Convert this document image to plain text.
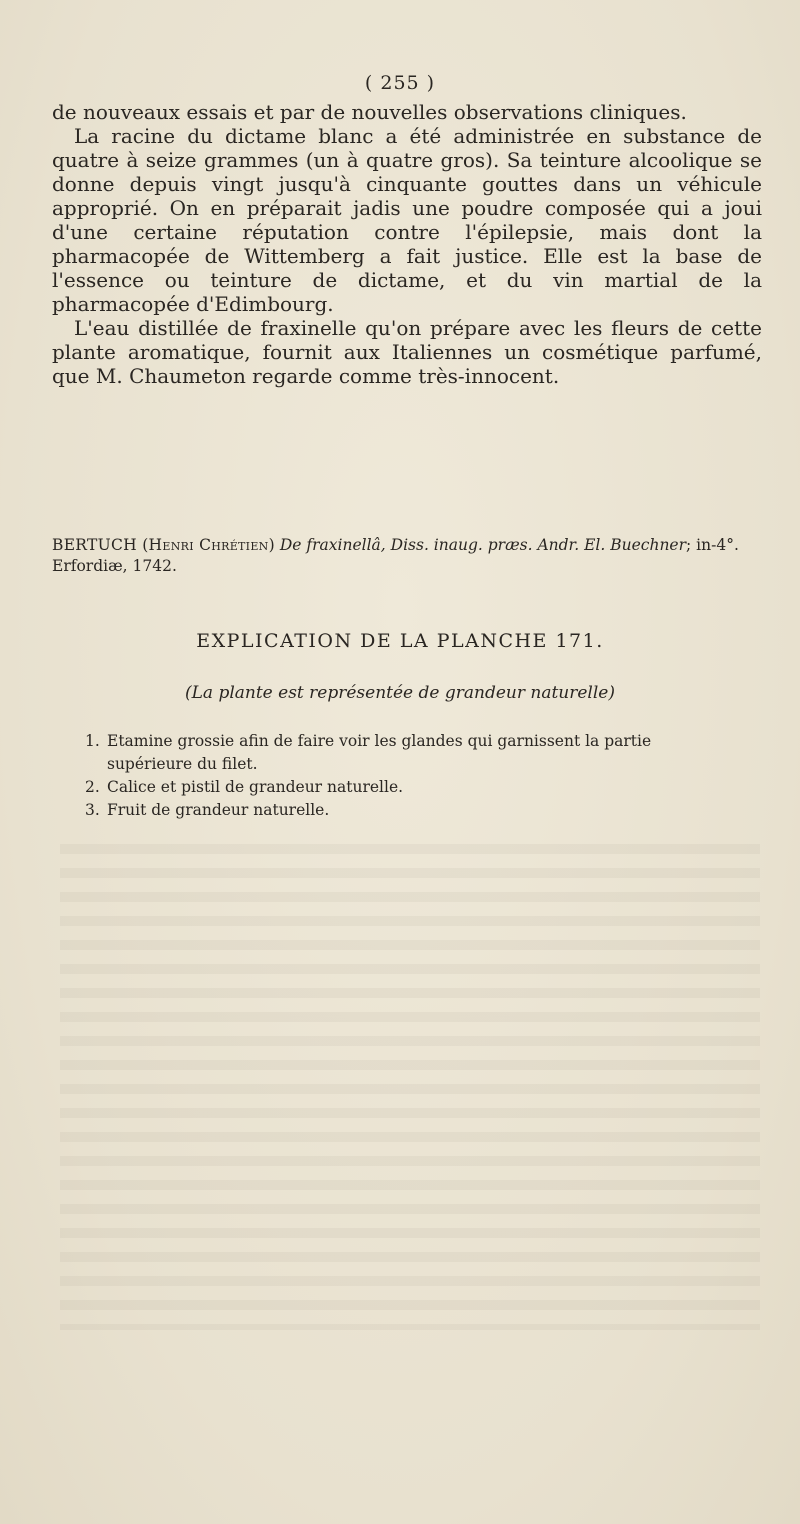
( 255 )

de nouveaux essais et par de nouvelles observations cliniques.

La racine du dictame blanc a été administrée en substance de quatre à seize grammes (un à quatre gros). Sa teinture alcoolique se donne depuis vingt jusqu'à cinquante gouttes dans un véhicule approprié. On en préparait jadis une poudre composée qui a joui d'une certaine réputation contre l'épilepsie, mais dont la pharmacopée de Wittemberg a fait justice. Elle est la base de l'essence ou teinture de dictame, et du vin martial de la pharmacopée d'Edimbourg.

L'eau distillée de fraxinelle qu'on prépare avec les fleurs de cette plante aromatique, fournit aux Italiennes un cosmétique parfumé, que M. Chaumeton regarde comme très-innocent.

BERTUCH (Henri Chrétien) De fraxinellâ, Diss. inaug. præs. Andr. El. Buechner; in-4°. Erfordiæ, 1742.
EXPLICATION DE LA PLANCHE 171.
(La plante est représentée de grandeur naturelle)
1. Etamine grossie afin de faire voir les glandes qui garnissent la partie
supérieure du filet.
2. Calice et pistil de grandeur naturelle.
3. Fruit de grandeur naturelle.
